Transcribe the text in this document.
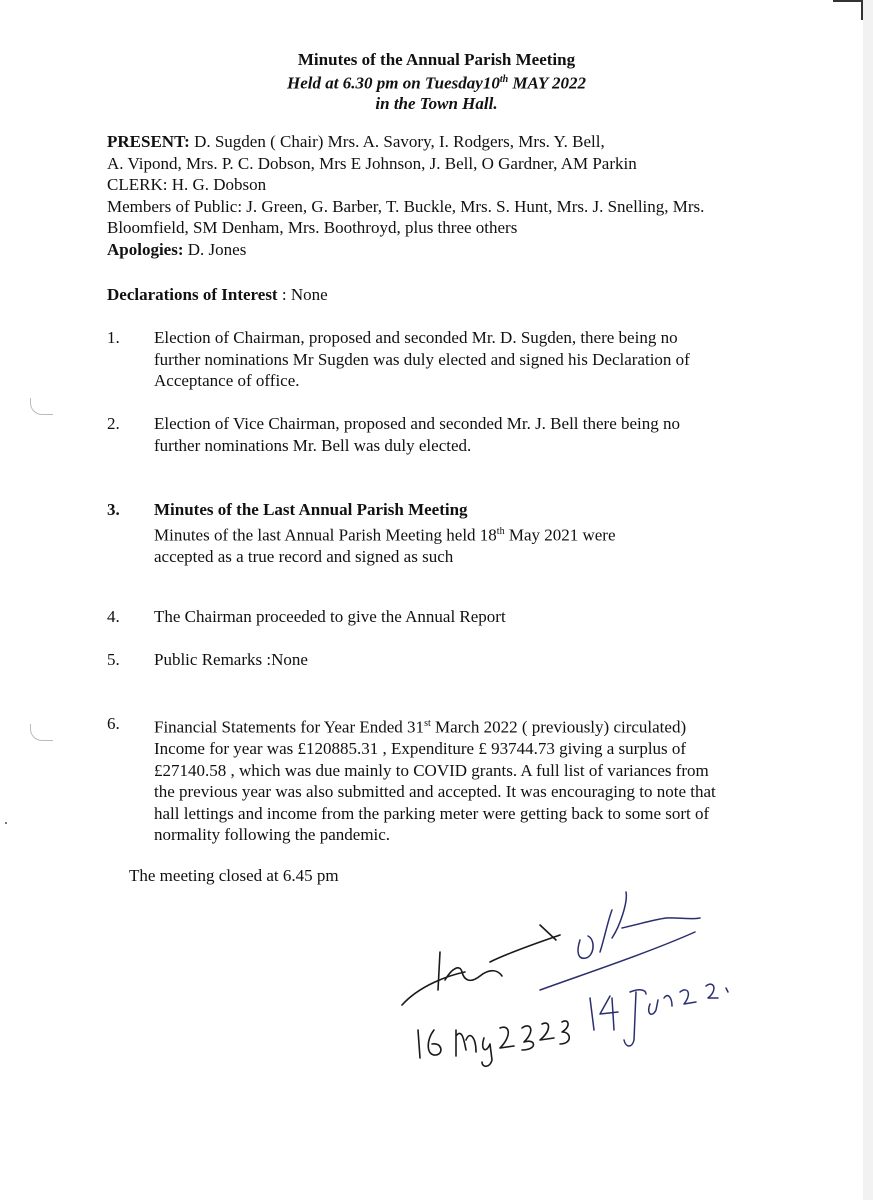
Minutes of the Annual Parish Meeting
Held at 6.30 pm on Tuesday10th MAY 2022
in the Town Hall.
PRESENT: D. Sugden ( Chair) Mrs. A. Savory, I. Rodgers, Mrs. Y. Bell,
A. Vipond, Mrs. P. C. Dobson, Mrs E Johnson, J. Bell, O Gardner, AM Parkin
CLERK: H. G. Dobson
Members of Public: J. Green, G. Barber, T. Buckle, Mrs. S. Hunt, Mrs. J. Snelling, Mrs.
Bloomfield, SM Denham, Mrs. Boothroyd, plus three others
Apologies: D. Jones
Declarations of Interest : None
1. Election of Chairman, proposed and seconded Mr. D. Sugden, there being no
further nominations Mr Sugden was duly elected and signed his Declaration of
Acceptance of office.
2. Election of Vice Chairman, proposed and seconded Mr. J. Bell there being no
further nominations Mr. Bell was duly elected.
3. Minutes of the Last Annual Parish Meeting
Minutes of the last Annual Parish Meeting held 18th May 2021 were
accepted as a true record and signed as such
4. The Chairman proceeded to give the Annual Report
5. Public Remarks :None
6. Financial Statements for Year Ended 31st March 2022 ( previously) circulated)
Income for year was £120885.31 , Expenditure £ 93744.73 giving a surplus of
£27140.58 , which was due mainly to COVID grants. A full list of variances from
the previous year was also submitted and accepted. It was encouraging to note that
hall lettings and income from the parking meter were getting back to some sort of
normality following the pandemic.
The meeting closed at 6.45 pm
